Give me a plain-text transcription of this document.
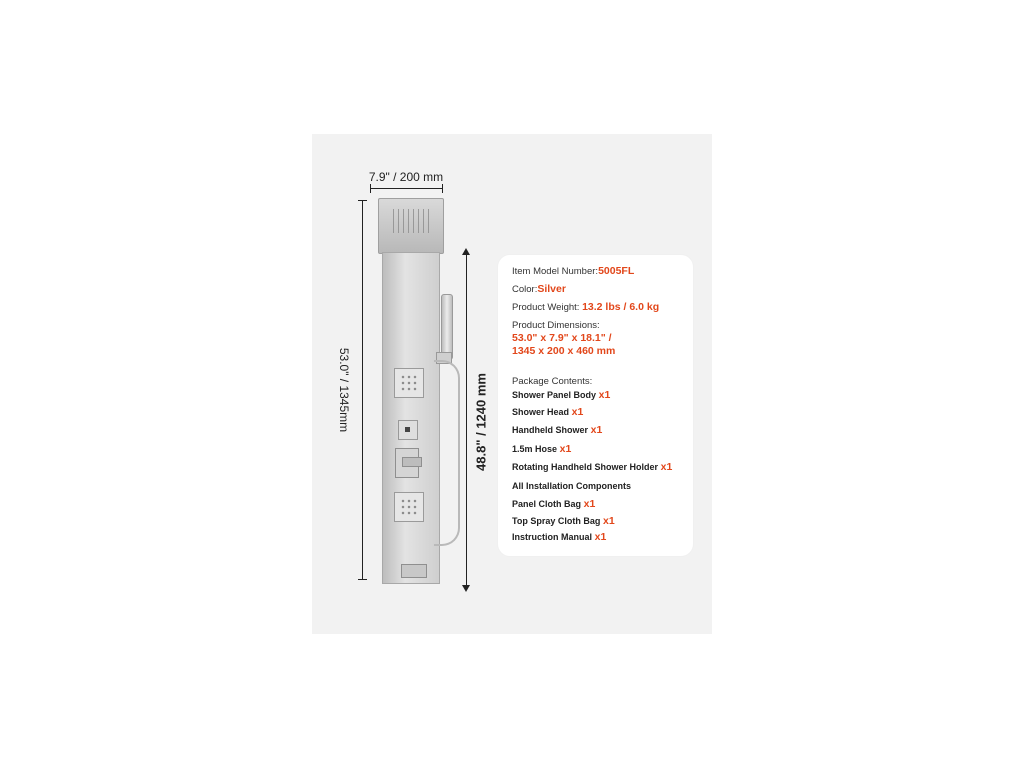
7.9" / 200 mm
53.0" / 1345mm	48.8" / 1240 mm
Item Model Number:5005FL
Color:Silver
Product Weight: 13.2 lbs / 6.0 kg
Product Dimensions:
53.0" x 7.9" x 18.1" /
1345 x 200 x 460 mm
Package Contents:
Shower Panel Body x1
Shower Head x1
Handheld Shower x1
1.5m Hose x1
Rotating Handheld Shower Holder x1
All Installation Components
Panel Cloth Bag x1
Top Spray Cloth Bag x1
Instruction Manual x1
